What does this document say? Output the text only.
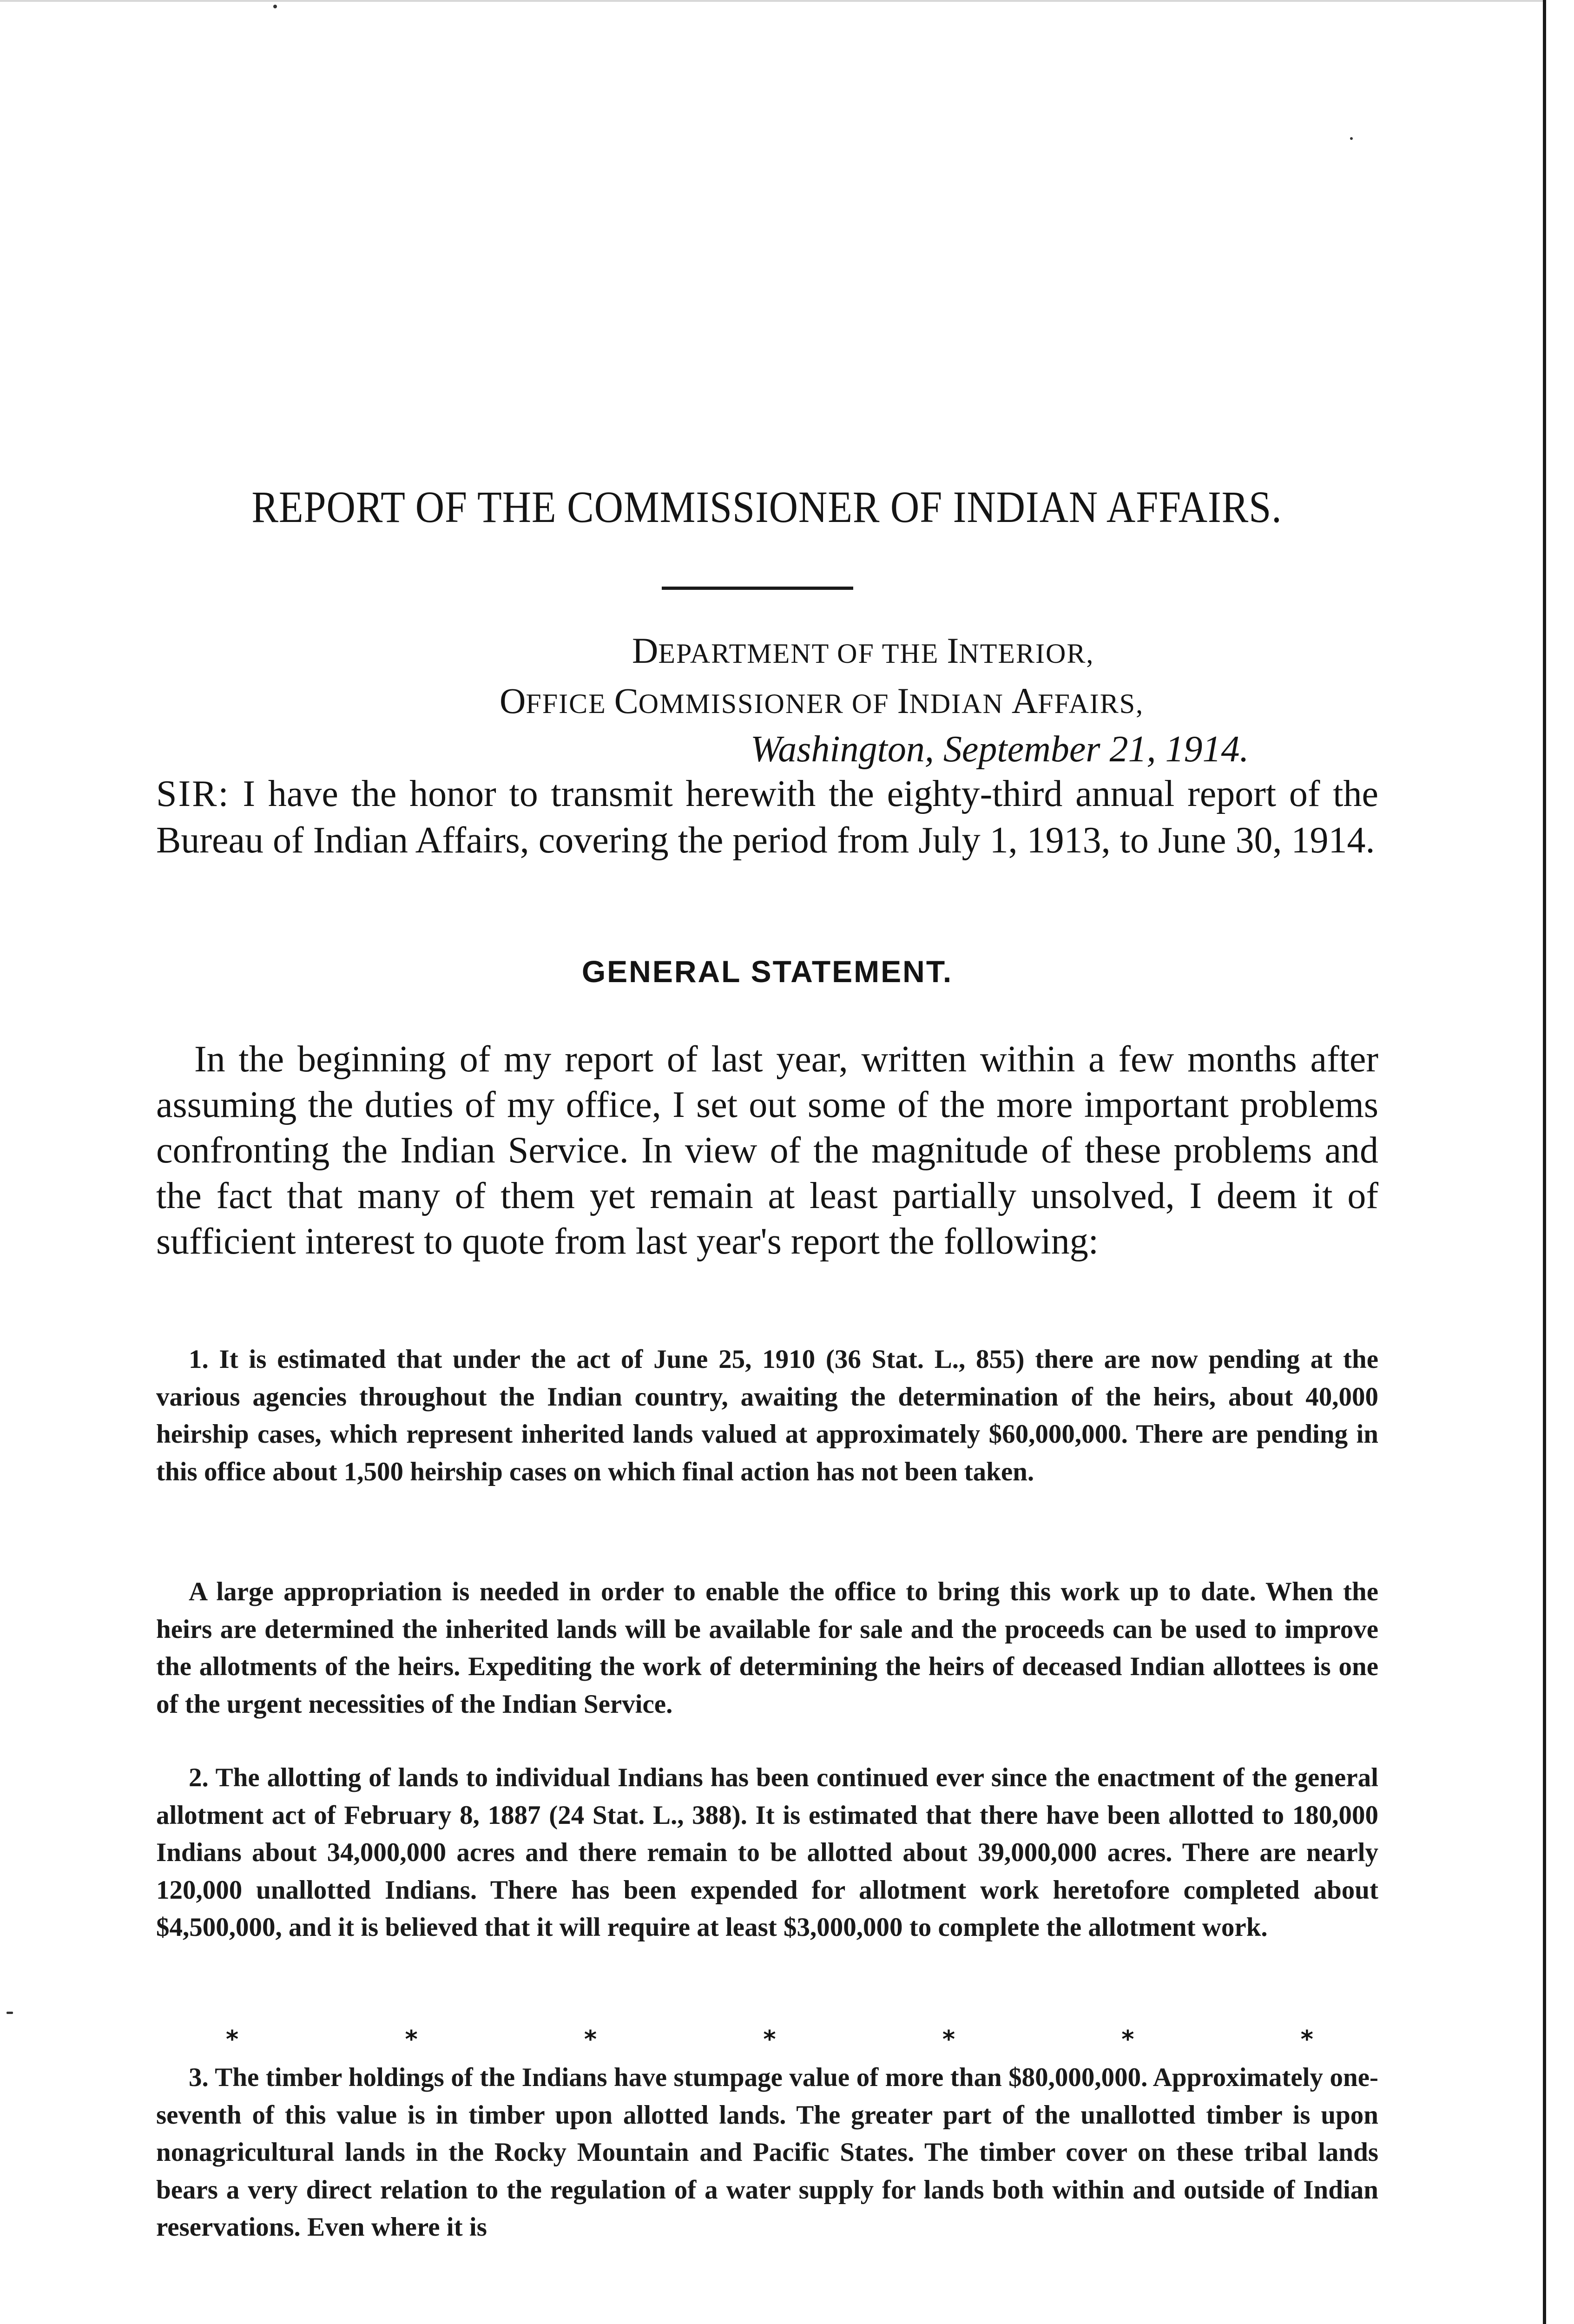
REPORT OF THE COMMISSIONER OF INDIAN AFFAIRS.
DEPARTMENT OF THE INTERIOR,
OFFICE COMMISSIONER OF INDIAN AFFAIRS,
Washington, September 21, 1914.

SIR: I have the honor to transmit herewith the eighty-third annual report of the Bureau of Indian Affairs, covering the period from July 1, 1913, to June 30, 1914.

GENERAL STATEMENT.

In the beginning of my report of last year, written within a few months after assuming the duties of my office, I set out some of the more important problems confronting the Indian Service. In view of the magnitude of these problems and the fact that many of them yet remain at least partially unsolved, I deem it of sufficient interest to quote from last year's report the following:

1. It is estimated that under the act of June 25, 1910 (36 Stat. L., 855) there are now pending at the various agencies throughout the Indian country, awaiting the determination of the heirs, about 40,000 heirship cases, which represent inherited lands valued at approximately $60,000,000. There are pending in this office about 1,500 heirship cases on which final action has not been taken.

A large appropriation is needed in order to enable the office to bring this work up to date. When the heirs are determined the inherited lands will be available for sale and the proceeds can be used to improve the allotments of the heirs. Expediting the work of determining the heirs of deceased Indian allottees is one of the urgent necessities of the Indian Service.

2. The allotting of lands to individual Indians has been continued ever since the enactment of the general allotment act of February 8, 1887 (24 Stat. L., 388). It is estimated that there have been allotted to 180,000 Indians about 34,000,000 acres and there remain to be allotted about 39,000,000 acres. There are nearly 120,000 unallotted Indians. There has been expended for allotment work heretofore completed about $4,500,000, and it is believed that it will require at least $3,000,000 to complete the allotment work.

*	*	*	*	*	*	*

3. The timber holdings of the Indians have stumpage value of more than $80,000,000. Approximately one-seventh of this value is in timber upon allotted lands. The greater part of the unallotted timber is upon nonagricultural lands in the Rocky Mountain and Pacific States. The timber cover on these tribal lands bears a very direct relation to the regulation of a water supply for lands both within and outside of Indian reservations. Even where it is
